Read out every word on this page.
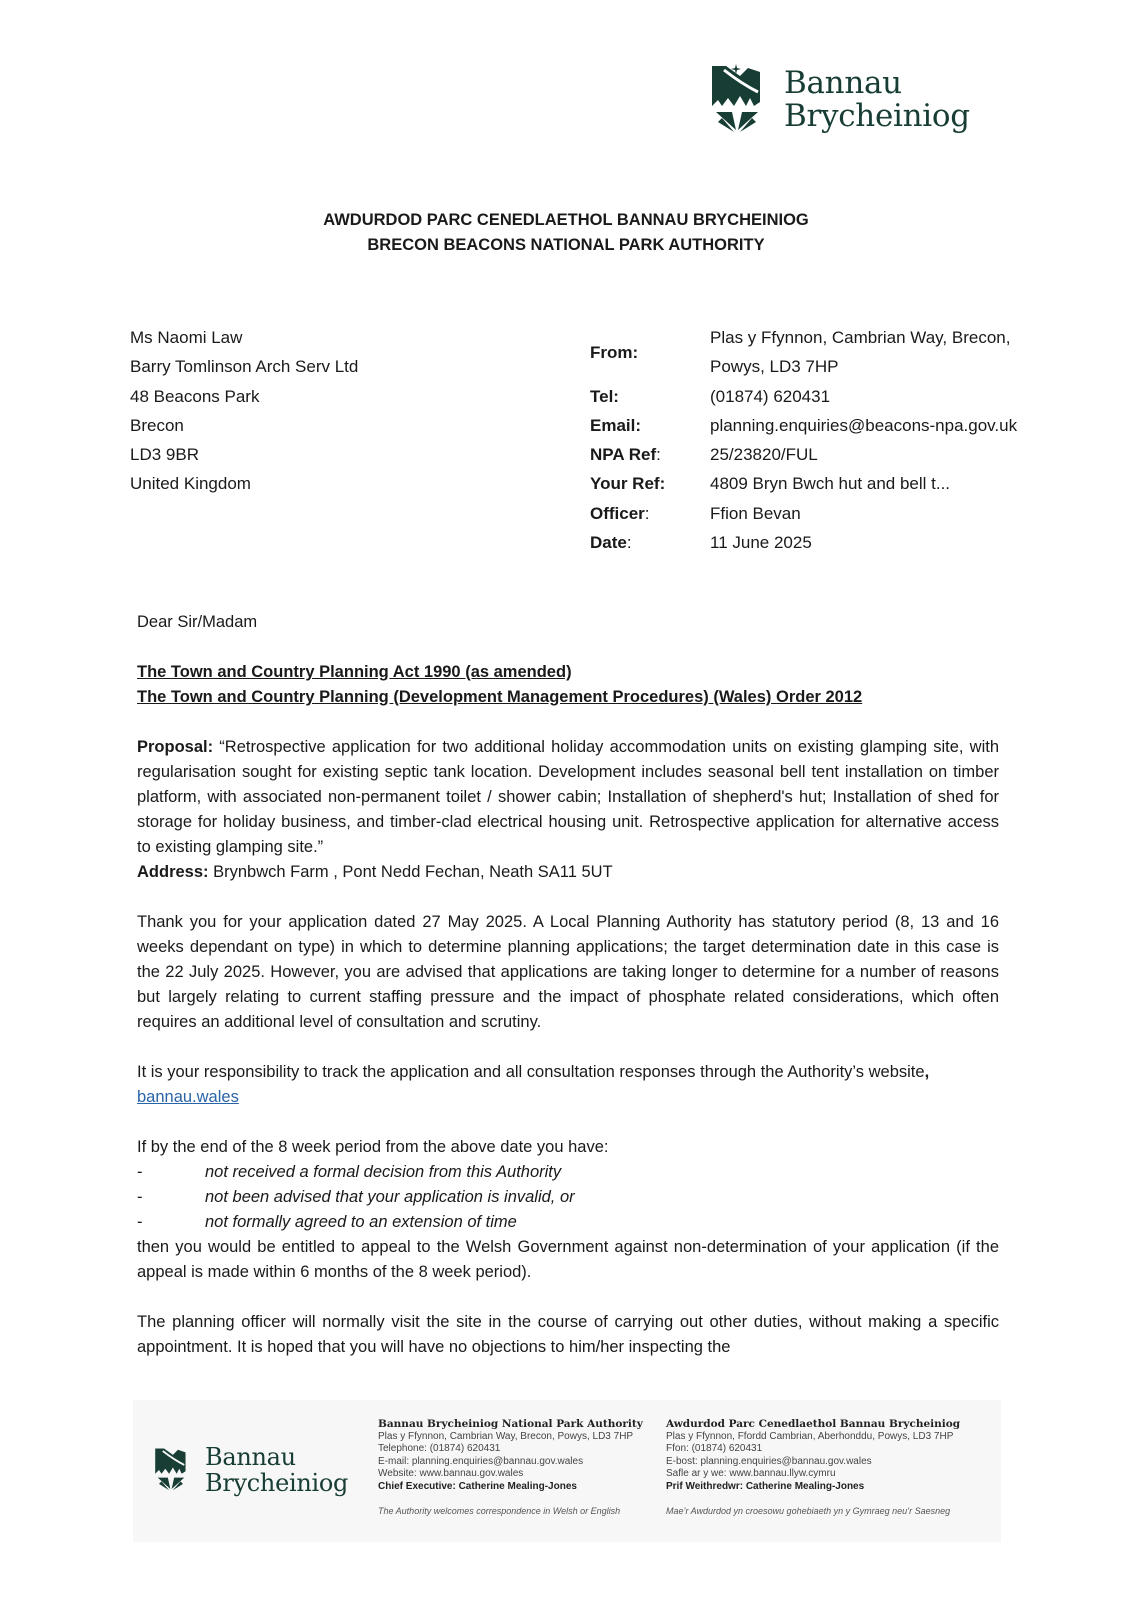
Bannau
Brycheiniog
AWDURDOD PARC CENEDLAETHOL BANNAU BRYCHEINIOG
BRECON BEACONS NATIONAL PARK AUTHORITY
Ms Naomi Law
Barry Tomlinson Arch Serv Ltd
48 Beacons Park
Brecon
LD3 9BR
United Kingdom
From:
Plas y Ffynnon, Cambrian Way, Brecon,
Powys, LD3 7HP
Tel:	(01874) 620431
Email:	planning.enquiries@beacons-npa.gov.uk
NPA Ref:	25/23820/FUL
Your Ref:	4809 Bryn Bwch hut and bell t...
Officer:	Ffion Bevan
Date:	11 June 2025

Dear Sir/Madam

The Town and Country Planning Act 1990 (as amended)

The Town and Country Planning (Development Management Procedures) (Wales) Order 2012

Proposal: “Retrospective application for two additional holiday accommodation units on existing glamping site, with regularisation sought for existing septic tank location. Development includes seasonal bell tent installation on timber platform, with associated non-permanent toilet / shower cabin; Installation of shepherd's hut; Installation of shed for storage for holiday business, and timber-clad electrical housing unit. Retrospective application for alternative access to existing glamping site.”

Address: Brynbwch Farm , Pont Nedd Fechan, Neath SA11 5UT

Thank you for your application dated 27 May 2025. A Local Planning Authority has statutory period (8, 13 and 16 weeks dependant on type) in which to determine planning applications; the target determination date in this case is the 22 July 2025. However, you are advised that applications are taking longer to determine for a number of reasons but largely relating to current staffing pressure and the impact of phosphate related considerations, which often requires an additional level of consultation and scrutiny.

It is your responsibility to track the application and all consultation responses through the Authority’s website, bannau.wales

If by the end of the 8 week period from the above date you have:

-	not received a formal decision from this Authority
-	not been advised that your application is invalid, or
-	not formally agreed to an extension of time

then you would be entitled to appeal to the Welsh Government against non-determination of your application (if the appeal is made within 6 months of the 8 week period).

The planning officer will normally visit the site in the course of carrying out other duties, without making a specific appointment. It is hoped that you will have no objections to him/her inspecting the

Bannau
Brycheiniog
Bannau Brycheiniog National Park Authority
Plas y Ffynnon, Cambrian Way, Brecon, Powys, LD3 7HP
Telephone: (01874) 620431
E-mail: planning.enquiries@bannau.gov.wales
Website: www.bannau.gov.wales
Chief Executive: Catherine Mealing-Jones
The Authority welcomes correspondence in Welsh or English
Awdurdod Parc Cenedlaethol Bannau Brycheiniog
Plas y Ffynnon, Ffordd Cambrian, Aberhonddu, Powys, LD3 7HP
Ffon: (01874) 620431
E-bost: planning.enquiries@bannau.gov.wales
Safle ar y we: www.bannau.llyw.cymru
Prif Weithredwr: Catherine Mealing-Jones
Mae’r Awdurdod yn croesowu gohebiaeth yn y Gymraeg neu’r Saesneg
